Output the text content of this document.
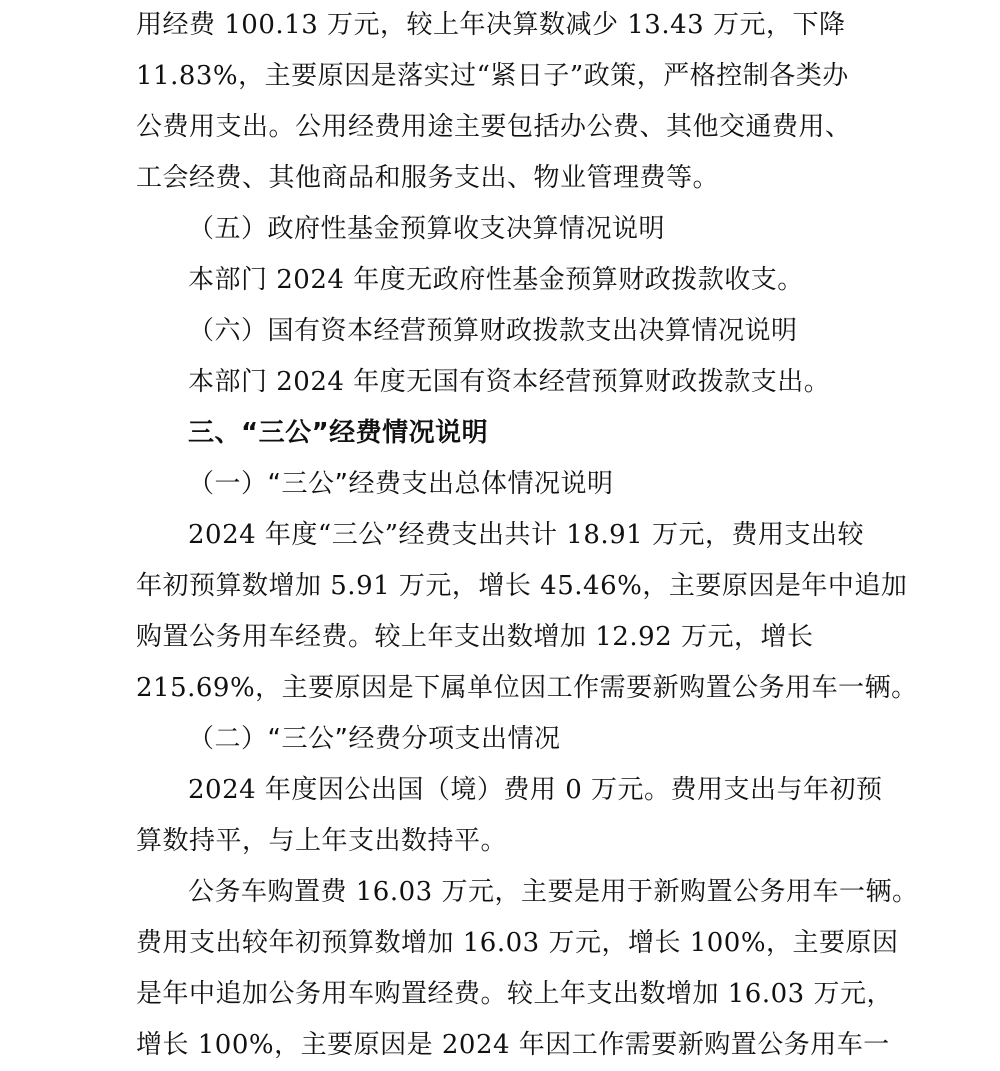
用经费 100.13 万元，较上年决算数减少 13.43 万元，下降
11.83%，主要原因是落实过“紧日子”政策，严格控制各类办
公费用支出。公用经费用途主要包括办公费、其他交通费用、
工会经费、其他商品和服务支出、物业管理费等。
（五）政府性基金预算收支决算情况说明
本部门 2024 年度无政府性基金预算财政拨款收支。
（六）国有资本经营预算财政拨款支出决算情况说明
本部门 2024 年度无国有资本经营预算财政拨款支出。
三、“三公”经费情况说明
（一）“三公”经费支出总体情况说明
2024 年度“三公”经费支出共计 18.91 万元，费用支出较
年初预算数增加 5.91 万元，增长 45.46%，主要原因是年中追加
购置公务用车经费。较上年支出数增加 12.92 万元，增长
215.69%，主要原因是下属单位因工作需要新购置公务用车一辆。
（二）“三公”经费分项支出情况
2024 年度因公出国（境）费用 0 万元。费用支出与年初预
算数持平，与上年支出数持平。
公务车购置费 16.03 万元，主要是用于新购置公务用车一辆。
费用支出较年初预算数增加 16.03 万元，增长 100%，主要原因
是年中追加公务用车购置经费。较上年支出数增加 16.03 万元，
增长 100%，主要原因是 2024 年因工作需要新购置公务用车一
